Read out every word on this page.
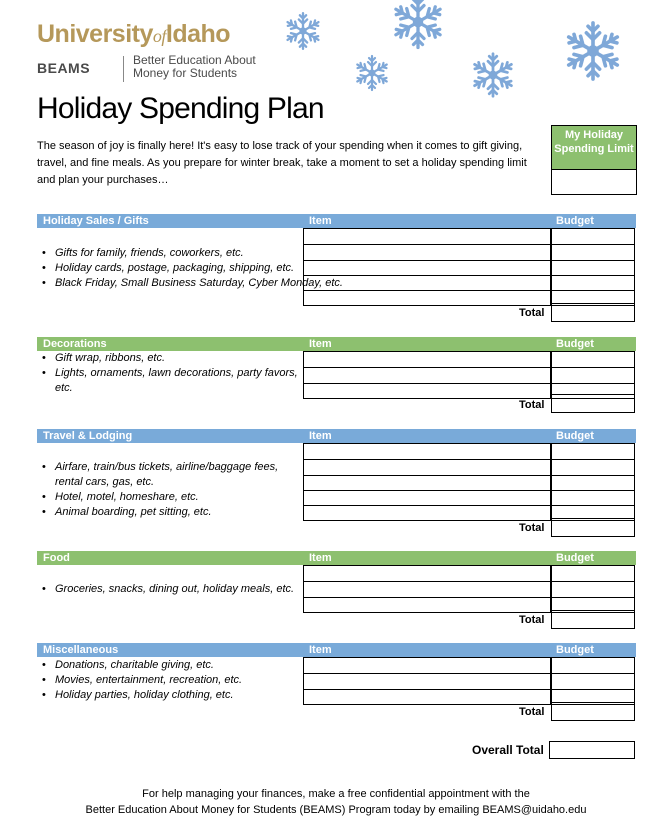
UniversityofIdaho
BEAMS	Better Education About
Money for Students
Holiday Spending Plan

The season of joy is finally here! It's easy to lose track of your spending when it comes to gift giving, travel, and fine meals. As you prepare for winter break, take a moment to set a holiday spending limit and plan your purchases…

My Holiday Spending Limit
Holiday Sales / Gifts	Item	Budget
• Gifts for family, friends, coworkers, etc.
• Holiday cards, postage, packaging, shipping, etc.
• Black Friday, Small Business Saturday, Cyber Monday, etc.
Total
Decorations	Item	Budget
• Gift wrap, ribbons, etc.
• Lights, ornaments, lawn decorations, party favors, etc.
Total
Travel & Lodging	Item	Budget
• Airfare, train/bus tickets, airline/baggage fees, rental cars, gas, etc.
• Hotel, motel, homeshare, etc.
• Animal boarding, pet sitting, etc.
Total
Food	Item	Budget
• Groceries, snacks, dining out, holiday meals, etc.
Total
Miscellaneous	Item	Budget
• Donations, charitable giving, etc.
• Movies, entertainment, recreation, etc.
• Holiday parties, holiday clothing, etc.
Total
Overall Total
For help managing your finances, make a free confidential appointment with the
Better Education About Money for Students (BEAMS) Program today by emailing BEAMS@uidaho.edu
